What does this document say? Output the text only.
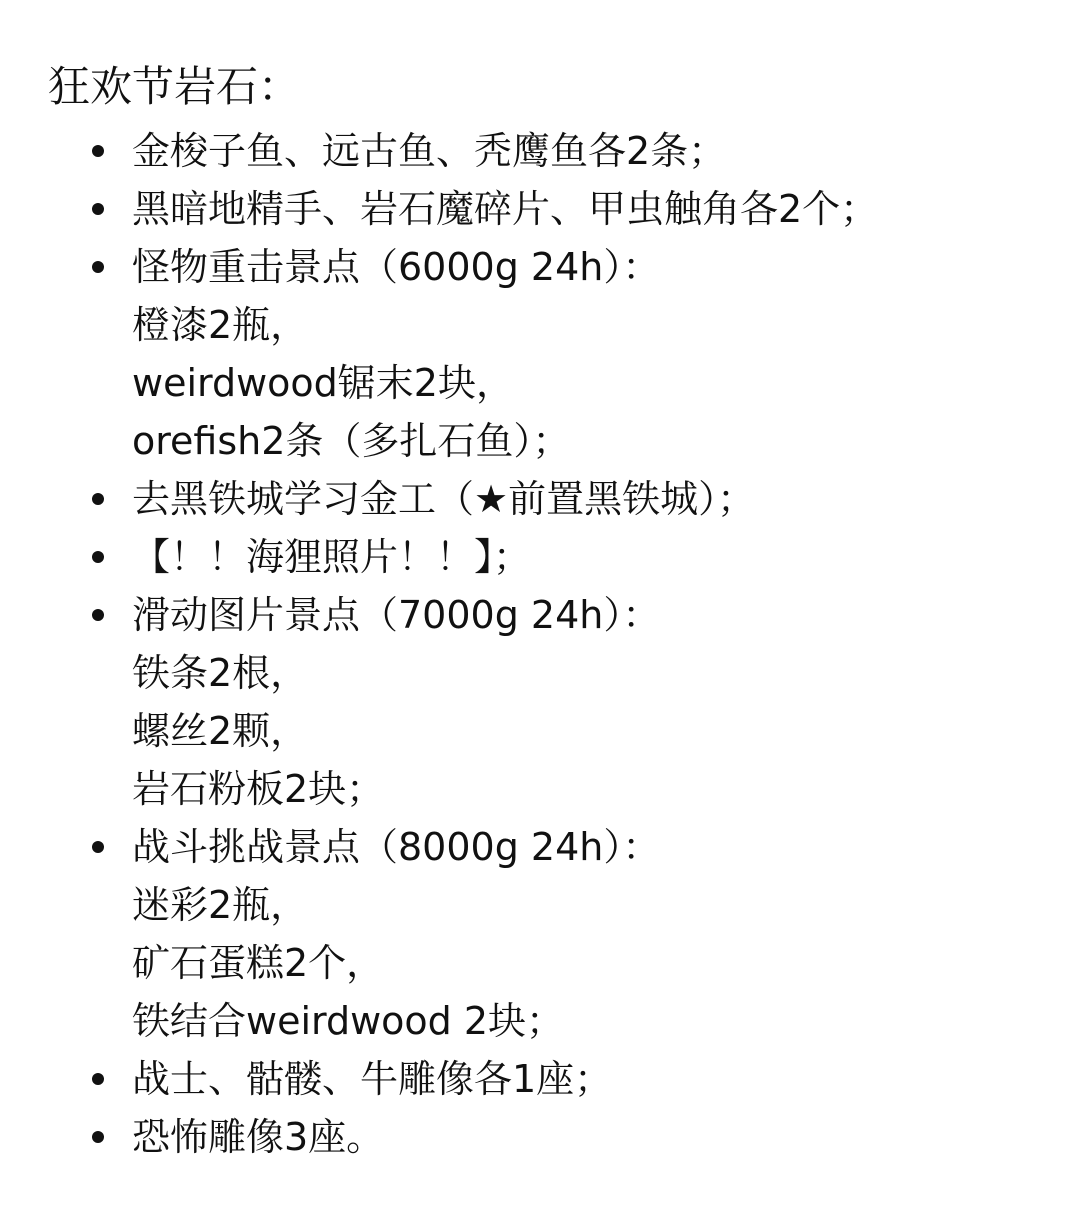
狂欢节岩石：
金梭子鱼、远古鱼、秃鹰鱼各2条；
黑暗地精手、岩石魔碎片、甲虫触角各2个；
怪物重击景点（6000g 24h）：
橙漆2瓶，
weirdwood锯末2块，
orefish2条（多扎石鱼）；
去黑铁城学习金工（★前置黑铁城）；
【！！海狸照片！！】；
滑动图片景点（7000g 24h）：
铁条2根，
螺丝2颗，
岩石粉板2块；
战斗挑战景点（8000g 24h）：
迷彩2瓶，
矿石蛋糕2个，
铁结合weirdwood 2块；
战士、骷髅、牛雕像各1座；
恐怖雕像3座。
